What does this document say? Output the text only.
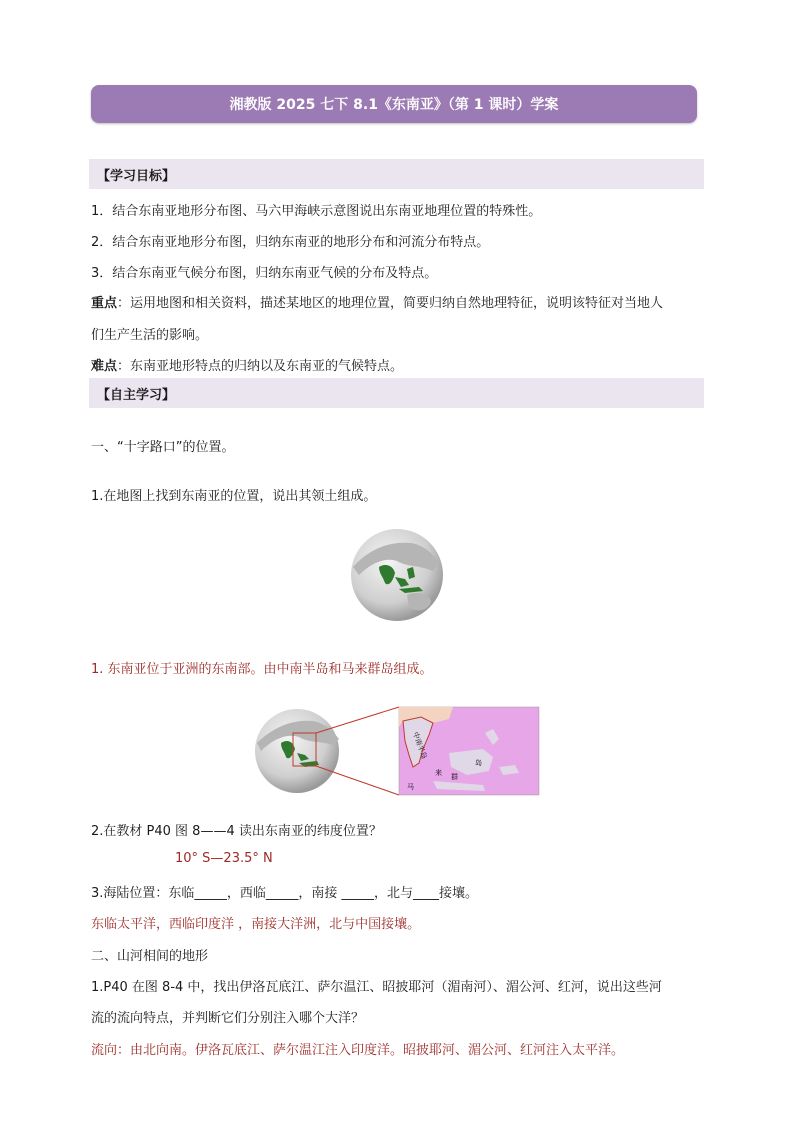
湘教版 2025 七下 8.1《东南亚》（第 1 课时）学案
【学习目标】
1．结合东南亚地形分布图、马六甲海峡示意图说出东南亚地理位置的特殊性。
2．结合东南亚地形分布图，归纳东南亚的地形分布和河流分布特点。
3．结合东南亚气候分布图，归纳东南亚气候的分布及特点。
重点：运用地图和相关资料，描述某地区的地理位置，简要归纳自然地理特征，说明该特征对当地人
们生产生活的影响。
难点：东南亚地形特点的归纳以及东南亚的气候特点。
【自主学习】
一、“十字路口”的位置。
1.在地图上找到东南亚的位置，说出其领土组成。
1. 东南亚位于亚洲的东南部。由中南半岛和马来群岛组成。
中南半岛
来 群
岛
马
2.在教材 P40 图 8——4 读出东南亚的纬度位置？
10° S—23.5° N
3.海陆位置：东临_____，西临_____，南接 _____，北与____接壤。
东临太平洋，西临印度洋 ，南接大洋洲，北与中国接壤。
二、山河相间的地形
1.P40 在图 8-4 中，找出伊洛瓦底江、萨尔温江、昭披耶河（湄南河）、湄公河、红河，说出这些河
流的流向特点，并判断它们分别注入哪个大洋？
流向：由北向南。伊洛瓦底江、萨尔温江注入印度洋。昭披耶河、湄公河、红河注入太平洋。
